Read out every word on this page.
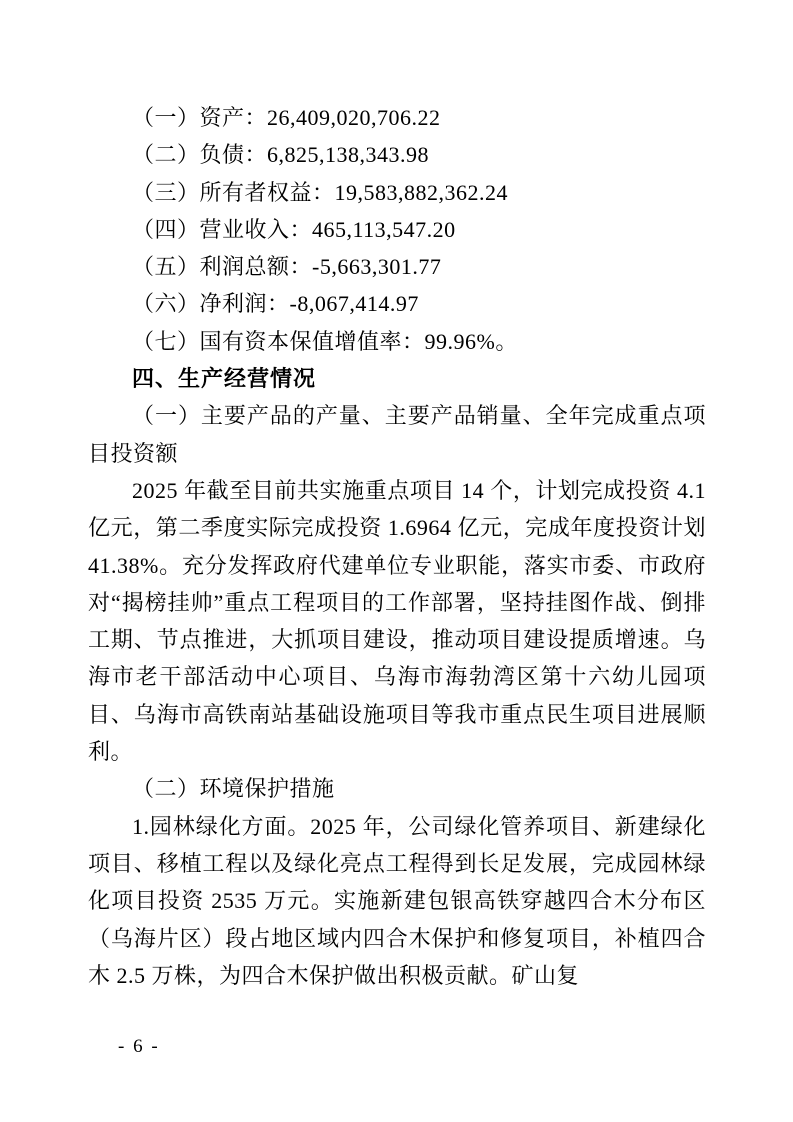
（一）资产：26,409,020,706.22

（二）负债：6,825,138,343.98

（三）所有者权益：19,583,882,362.24

（四）营业收入：465,113,547.20

（五）利润总额：-5,663,301.77

（六）净利润：-8,067,414.97

（七）国有资本保值增值率：99.96%。

四、生产经营情况

（一）主要产品的产量、主要产品销量、全年完成重点项目投资额

2025 年截至目前共实施重点项目 14 个，计划完成投资 4.1 亿元，第二季度实际完成投资 1.6964 亿元，完成年度投资计划 41.38%。充分发挥政府代建单位专业职能，落实市委、市政府对“揭榜挂帅”重点工程项目的工作部署，坚持挂图作战、倒排工期、节点推进，大抓项目建设，推动项目建设提质增速。乌海市老干部活动中心项目、乌海市海勃湾区第十六幼儿园项目、乌海市高铁南站基础设施项目等我市重点民生项目进展顺利。

（二）环境保护措施

1.园林绿化方面。2025 年，公司绿化管养项目、新建绿化项目、移植工程以及绿化亮点工程得到长足发展，完成园林绿化项目投资 2535 万元。实施新建包银高铁穿越四合木分布区（乌海片区）段占地区域内四合木保护和修复项目，补植四合木 2.5 万株，为四合木保护做出积极贡献。矿山复

- 6 -
